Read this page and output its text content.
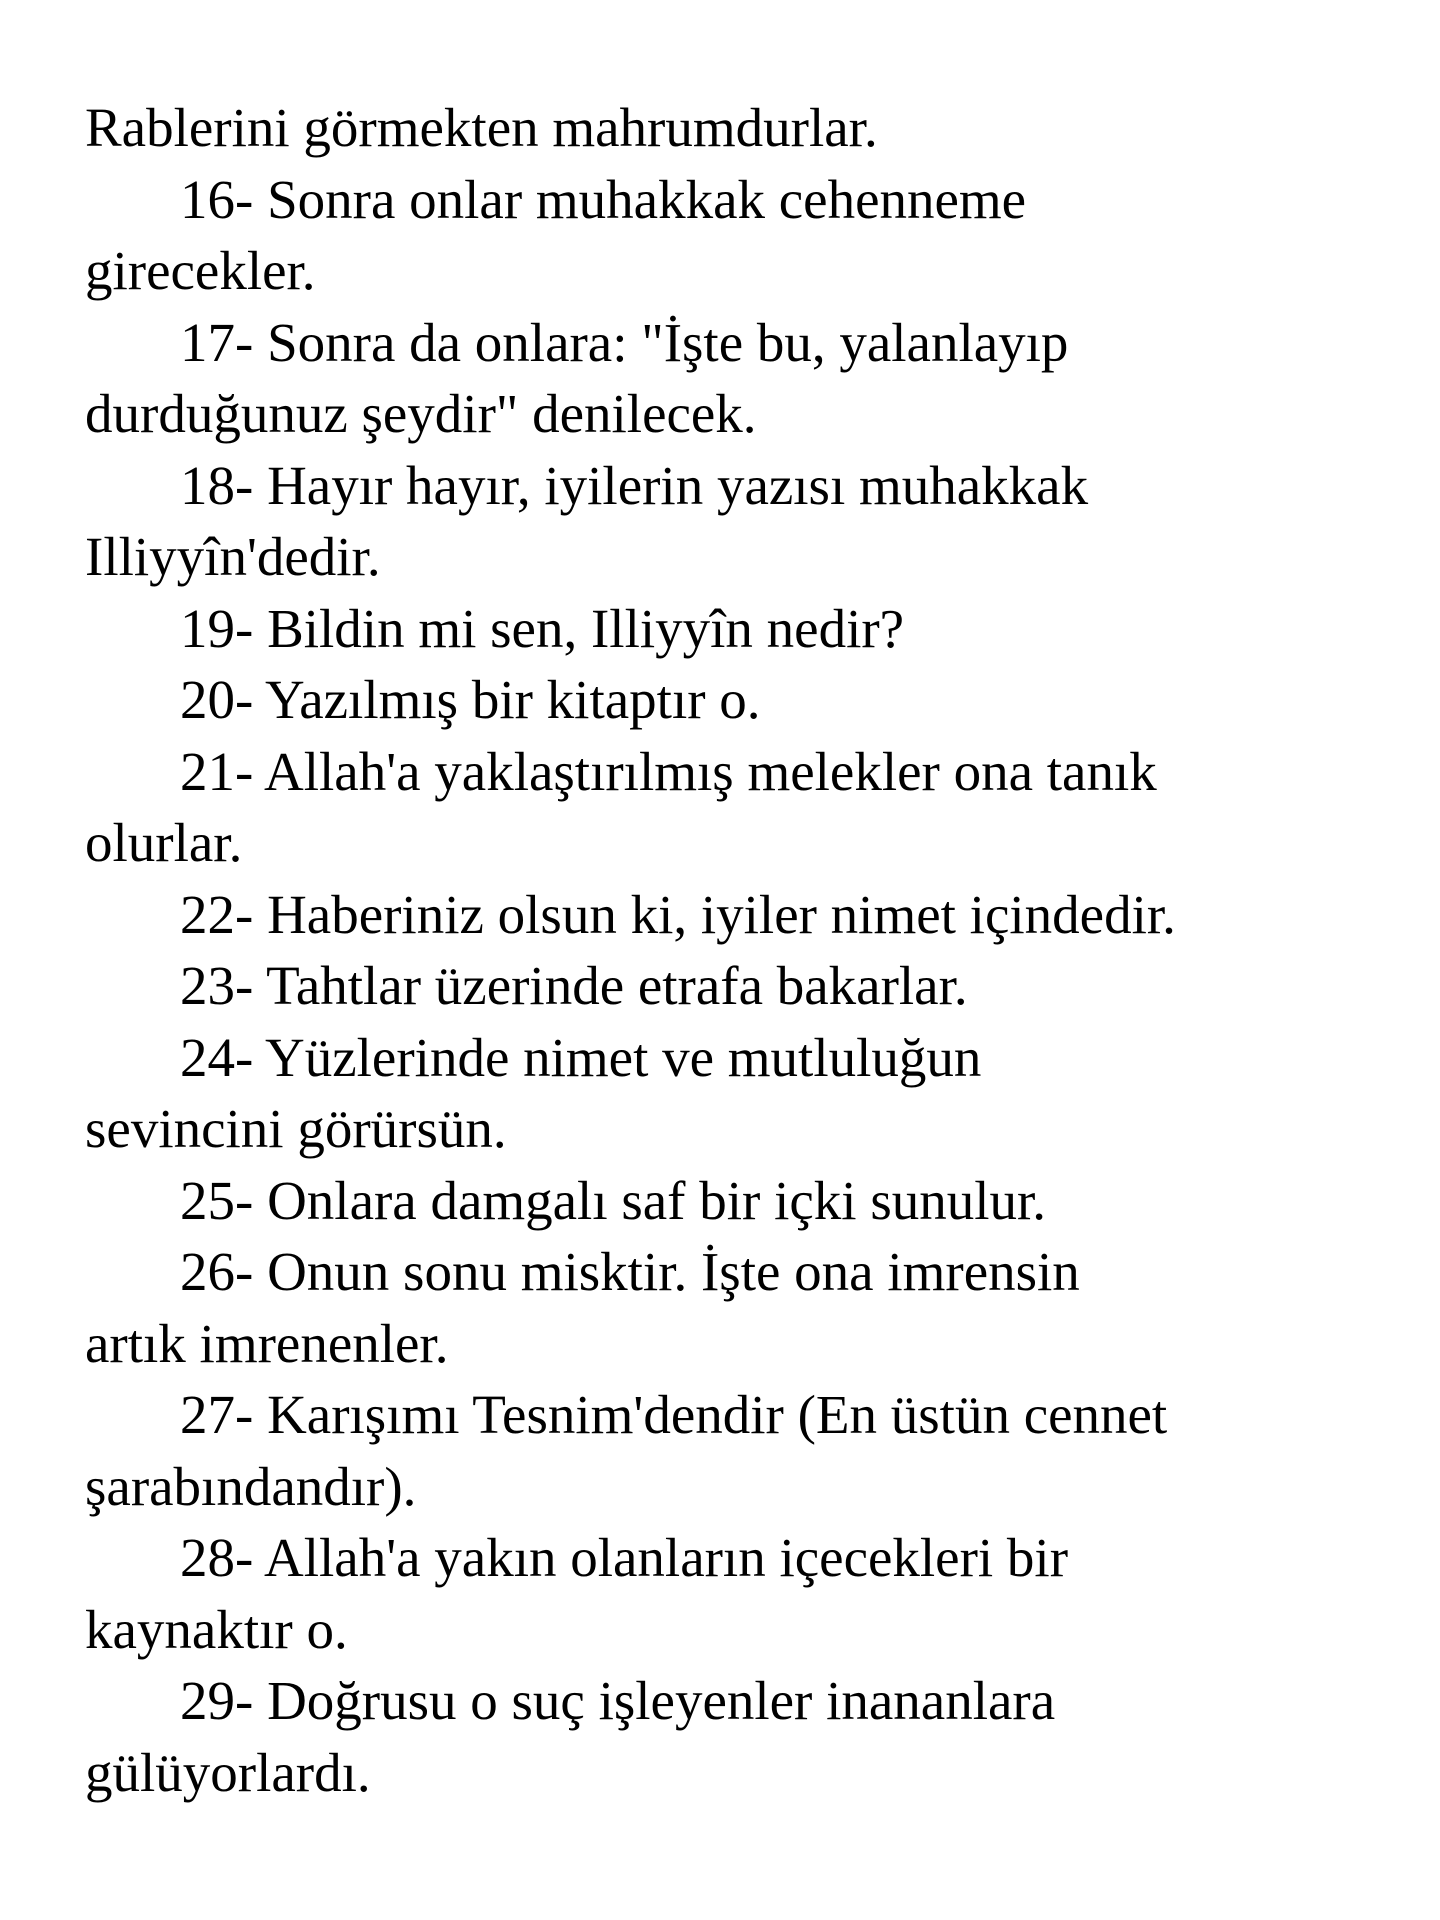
Rablerini görmekten mahrumdurlar.
16- Sonra onlar muhakkak cehenneme
girecekler.
17- Sonra da onlara: "İşte bu, yalanlayıp
durduğunuz şeydir" denilecek.
18- Hayır hayır, iyilerin yazısı muhakkak
Illiyyîn'dedir.
19- Bildin mi sen, Illiyyîn nedir?
20- Yazılmış bir kitaptır o.
21- Allah'a yaklaştırılmış melekler ona tanık
olurlar.
22- Haberiniz olsun ki, iyiler nimet içindedir.
23- Tahtlar üzerinde etrafa bakarlar.
24- Yüzlerinde nimet ve mutluluğun
sevincini görürsün.
25- Onlara damgalı saf bir içki sunulur.
26- Onun sonu misktir. İşte ona imrensin
artık imrenenler.
27- Karışımı Tesnim'dendir (En üstün cennet
şarabındandır).
28- Allah'a yakın olanların içecekleri bir
kaynaktır o.
29- Doğrusu o suç işleyenler inananlara
gülüyorlardı.
